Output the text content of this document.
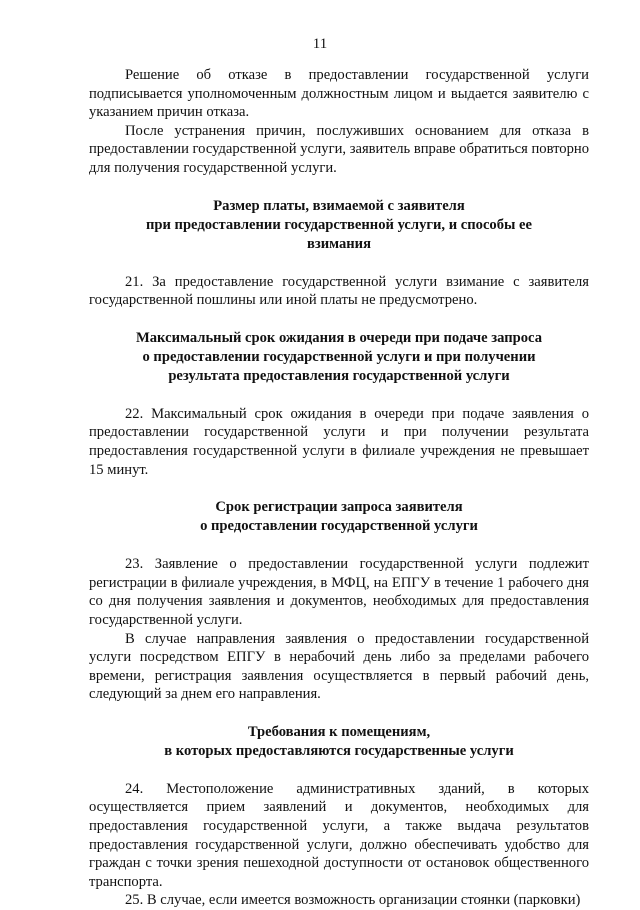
11

Решение об отказе в предоставлении государственной услуги подписывается уполномоченным должностным лицом и выдается заявителю с указанием причин отказа.

После устранения причин, послуживших основанием для отказа в предоставлении государственной услуги, заявитель вправе обратиться повторно для получения государственной услуги.

Размер платы, взимаемой с заявителя
при предоставлении государственной услуги, и способы ее
взимания

21. За предоставление государственной услуги взимание с заявителя государственной пошлины или иной платы не предусмотрено.

Максимальный срок ожидания в очереди при подаче запроса
о предоставлении государственной услуги и при получении
результата предоставления государственной услуги

22. Максимальный срок ожидания в очереди при подаче заявления о предоставлении государственной услуги и при получении результата предоставления государственной услуги в филиале учреждения не превышает 15 минут.

Срок регистрации запроса заявителя
о предоставлении государственной услуги

23. Заявление о предоставлении государственной услуги подлежит регистрации в филиале учреждения, в МФЦ, на ЕПГУ в течение 1 рабочего дня со дня получения заявления и документов, необходимых для предоставления государственной услуги.

В случае направления заявления о предоставлении государственной услуги посредством ЕПГУ в нерабочий день либо за пределами рабочего времени, регистрация заявления осуществляется в первый рабочий день, следующий за днем его направления.

Требования к помещениям,
в которых предоставляются государственные услуги

24. Местоположение административных зданий, в которых осуществляется прием заявлений и документов, необходимых для предоставления государственной услуги, а также выдача результатов предоставления государственной услуги, должно обеспечивать удобство для граждан с точки зрения пешеходной доступности от остановок общественного транспорта.

25. В случае, если имеется возможность организации стоянки (парковки)
